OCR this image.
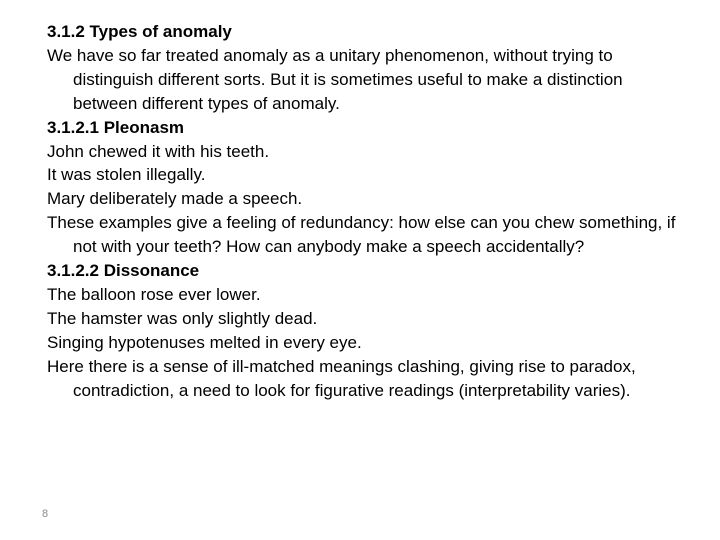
3.1.2 Types of anomaly

We have so far treated anomaly as a unitary phenomenon, without trying to distinguish different sorts. But it is sometimes useful to make a distinction between different types of anomaly.

3.1.2.1 Pleonasm

John chewed it with his teeth.

It was stolen illegally.

Mary deliberately made a speech.

These examples give a feeling of redundancy: how else can you chew something, if not with your teeth? How can anybody make a speech accidentally?

3.1.2.2 Dissonance

The balloon rose ever lower.

The hamster was only slightly dead.

Singing hypotenuses melted in every eye.

Here there is a sense of ill-matched meanings clashing, giving rise to paradox, contradiction, a need to look for figurative readings (interpretability varies).

8
